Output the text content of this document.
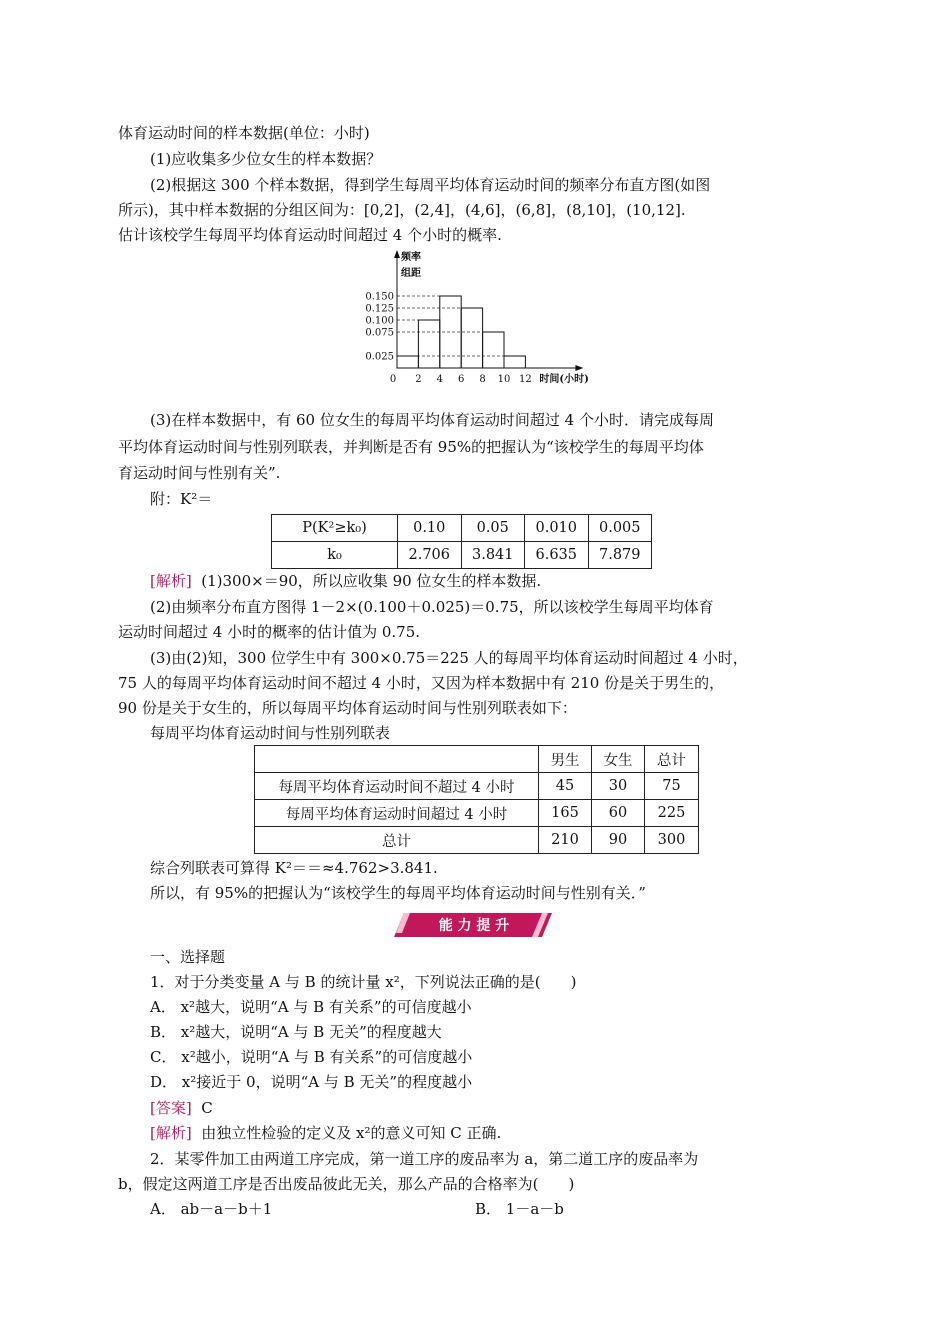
体育运动时间的样本数据(单位：小时)
(1)应收集多少位女生的样本数据？
(2)根据这 300 个样本数据，得到学生每周平均体育运动时间的频率分布直方图(如图
所示)，其中样本数据的分组区间为：[0,2]，(2,4]，(4,6]，(6,8]，(8,10]，(10,12].
估计该校学生每周平均体育运动时间超过 4 个小时的概率.
0.025
0.075
0.100
0.125
0.150
2 4 6 8 10 12
0	时间(小时)
频率
组距
(3)在样本数据中，有 60 位女生的每周平均体育运动时间超过 4 个小时．请完成每周
平均体育运动时间与性别列联表，并判断是否有 95%的把握认为“该校学生的每周平均体
育运动时间与性别有关”.
附：K²＝
P(K²≥k₀)	0.10	0.05	0.010	0.005
k₀	2.706	3.841	6.635	7.879
[解析] (1)300×＝90，所以应收集 90 位女生的样本数据.
(2)由频率分布直方图得 1－2×(0.100＋0.025)＝0.75，所以该校学生每周平均体育
运动时间超过 4 小时的概率的估计值为 0.75.
(3)由(2)知，300 位学生中有 300×0.75＝225 人的每周平均体育运动时间超过 4 小时，
75 人的每周平均体育运动时间不超过 4 小时，又因为样本数据中有 210 份是关于男生的，
90 份是关于女生的，所以每周平均体育运动时间与性别列联表如下：
每周平均体育运动时间与性别列联表
	男生	女生	总计
每周平均体育运动时间不超过 4 小时	45	30	75
每周平均体育运动时间超过 4 小时	165	60	225
总计	210	90	300
综合列联表可算得 K²＝＝≈4.762>3.841.
所以，有 95%的把握认为“该校学生的每周平均体育运动时间与性别有关．”
能 力 提 升
一、选择题
1．对于分类变量 A 与 B 的统计量 x²，下列说法正确的是(　　)
A． x²越大，说明“A 与 B 有关系”的可信度越小
B． x²越大，说明“A 与 B 无关”的程度越大
C． x²越小，说明“A 与 B 有关系”的可信度越小
D． x²接近于 0，说明“A 与 B 无关”的程度越小
[答案] C
[解析] 由独立性检验的定义及 x²的意义可知 C 正确.
2．某零件加工由两道工序完成，第一道工序的废品率为 a，第二道工序的废品率为
b，假定这两道工序是否出废品彼此无关，那么产品的合格率为(　　)
A． ab－a－b＋1	B． 1－a－b
